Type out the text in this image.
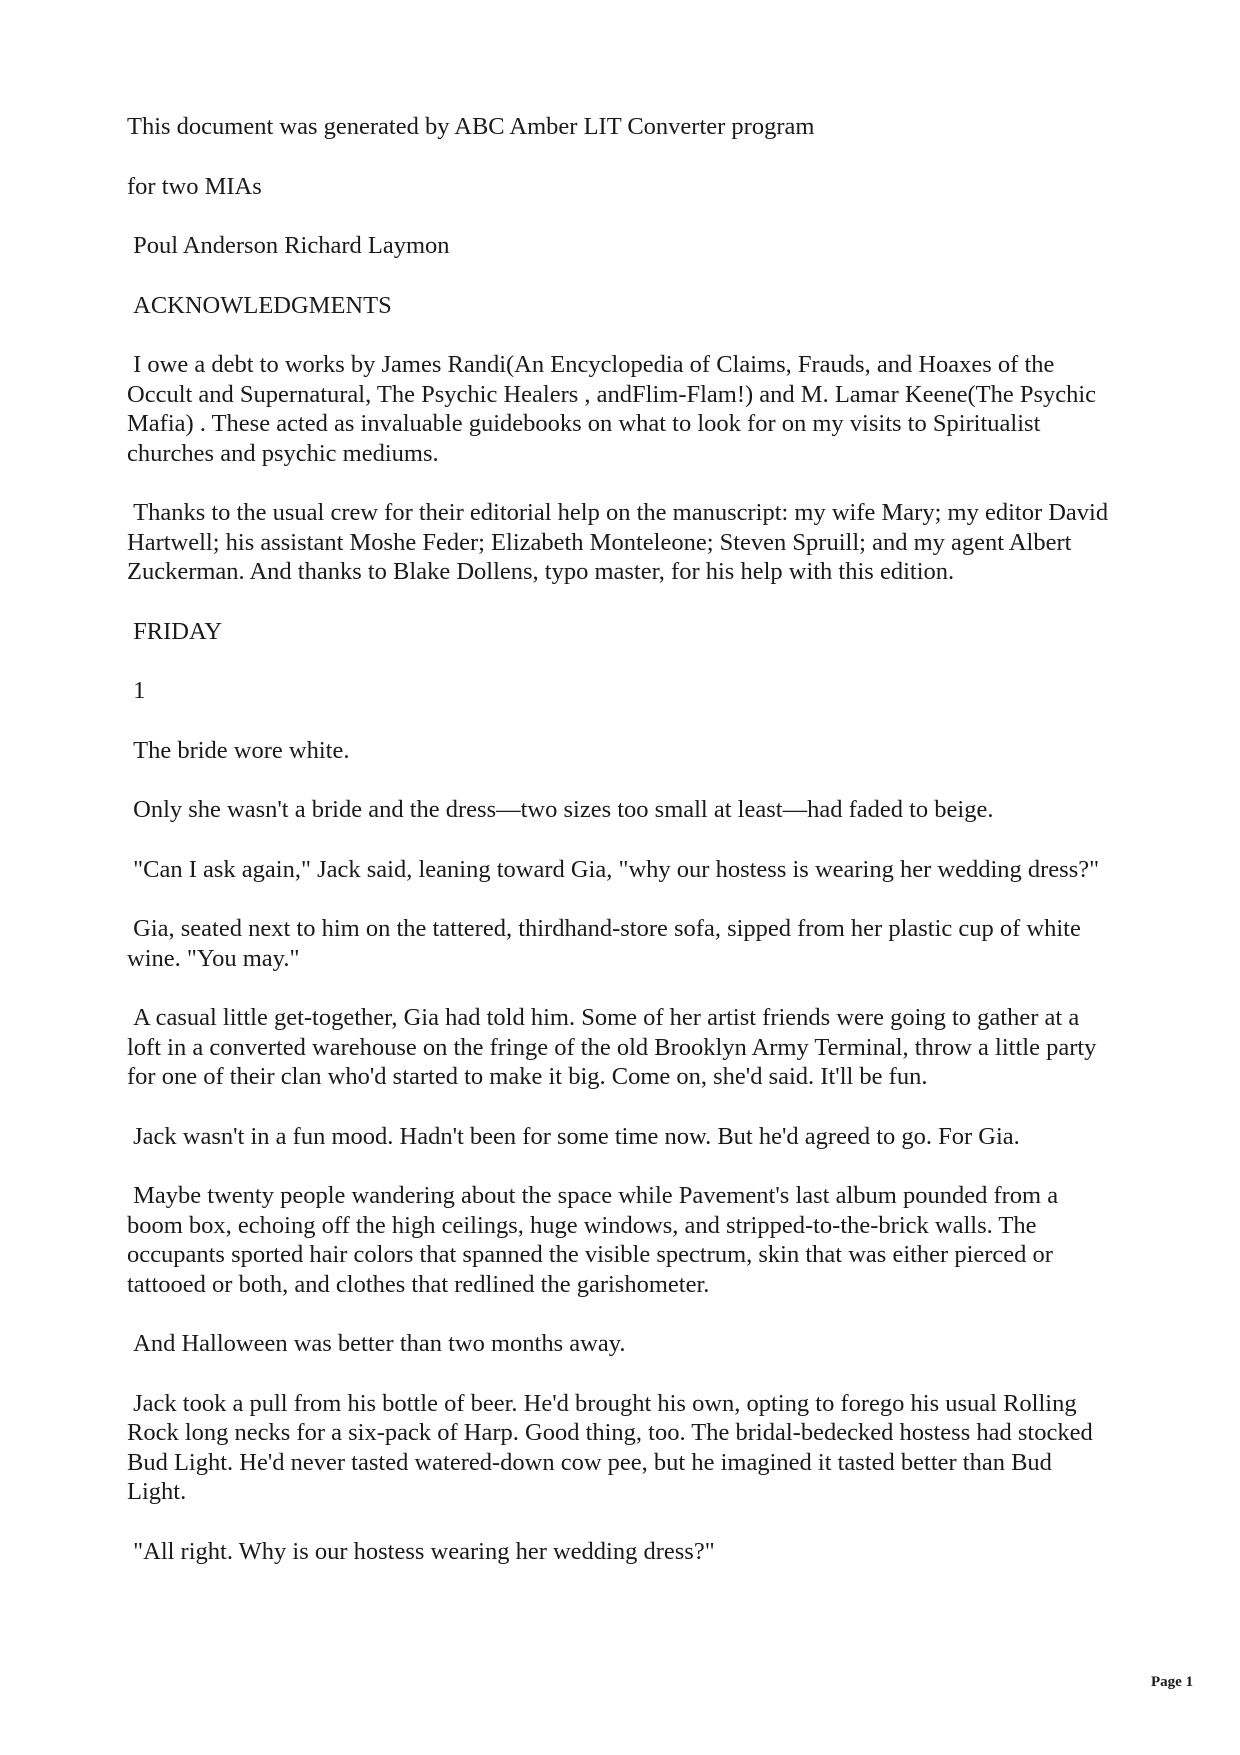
This document was generated by ABC Amber LIT Converter program

for two MIAs

Poul Anderson Richard Laymon

ACKNOWLEDGMENTS

I owe a debt to works by James Randi(An Encyclopedia of Claims, Frauds, and Hoaxes of the Occult and Supernatural, The Psychic Healers , andFlim-Flam!) and M. Lamar Keene(The Psychic Mafia) . These acted as invaluable guidebooks on what to look for on my visits to Spiritualist churches and psychic mediums.

Thanks to the usual crew for their editorial help on the manuscript: my wife Mary; my editor David Hartwell; his assistant Moshe Feder; Elizabeth Monteleone; Steven Spruill; and my agent Albert Zuckerman. And thanks to Blake Dollens, typo master, for his help with this edition.

FRIDAY

1

The bride wore white.

Only she wasn't a bride and the dress—two sizes too small at least—had faded to beige.

"Can I ask again," Jack said, leaning toward Gia, "why our hostess is wearing her wedding dress?"

Gia, seated next to him on the tattered, thirdhand-store sofa, sipped from her plastic cup of white wine. "You may."

A casual little get-together, Gia had told him. Some of her artist friends were going to gather at a loft in a converted warehouse on the fringe of the old Brooklyn Army Terminal, throw a little party for one of their clan who'd started to make it big. Come on, she'd said. It'll be fun.

Jack wasn't in a fun mood. Hadn't been for some time now. But he'd agreed to go. For Gia.

Maybe twenty people wandering about the space while Pavement's last album pounded from a boom box, echoing off the high ceilings, huge windows, and stripped-to-the-brick walls. The occupants sported hair colors that spanned the visible spectrum, skin that was either pierced or tattooed or both, and clothes that redlined the garishometer.

And Halloween was better than two months away.

Jack took a pull from his bottle of beer. He'd brought his own, opting to forego his usual Rolling Rock long necks for a six-pack of Harp. Good thing, too. The bridal-bedecked hostess had stocked Bud Light. He'd never tasted watered-down cow pee, but he imagined it tasted better than Bud Light.

"All right. Why is our hostess wearing her wedding dress?"

Page 1
